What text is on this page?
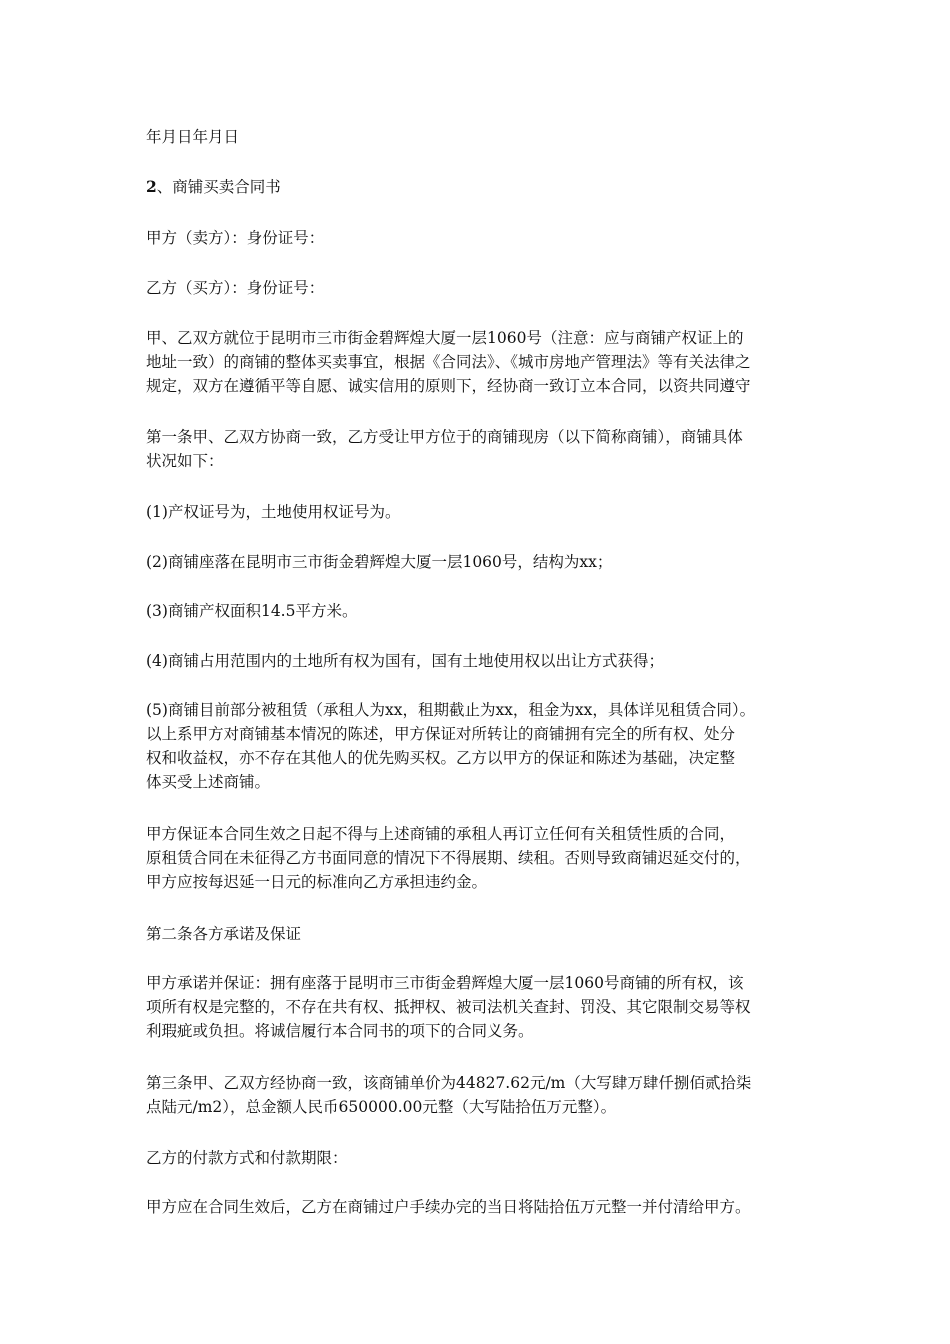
年月日年月日
2、商铺买卖合同书
甲方（卖方）：身份证号：
乙方（买方）：身份证号：
甲、乙双方就位于昆明市三市街金碧辉煌大厦一层1060号（注意：应与商铺产权证上的
地址一致）的商铺的整体买卖事宜，根据《合同法》、《城市房地产管理法》等有关法律之
规定，双方在遵循平等自愿、诚实信用的原则下，经协商一致订立本合同，以资共同遵守
第一条甲、乙双方协商一致，乙方受让甲方位于的商铺现房（以下简称商铺），商铺具体
状况如下：
(1)产权证号为，土地使用权证号为。
(2)商铺座落在昆明市三市街金碧辉煌大厦一层1060号，结构为xx；
(3)商铺产权面积14.5平方米。
(4)商铺占用范围内的土地所有权为国有，国有土地使用权以出让方式获得；
(5)商铺目前部分被租赁（承租人为xx，租期截止为xx，租金为xx，具体详见租赁合同）。
以上系甲方对商铺基本情况的陈述，甲方保证对所转让的商铺拥有完全的所有权、处分
权和收益权，亦不存在其他人的优先购买权。乙方以甲方的保证和陈述为基础，决定整
体买受上述商铺。
甲方保证本合同生效之日起不得与上述商铺的承租人再订立任何有关租赁性质的合同，
原租赁合同在未征得乙方书面同意的情况下不得展期、续租。否则导致商铺迟延交付的，
甲方应按每迟延一日元的标准向乙方承担违约金。
第二条各方承诺及保证
甲方承诺并保证：拥有座落于昆明市三市街金碧辉煌大厦一层1060号商铺的所有权，该
项所有权是完整的，不存在共有权、抵押权、被司法机关查封、罚没、其它限制交易等权
利瑕疵或负担。将诚信履行本合同书的项下的合同义务。
第三条甲、乙双方经协商一致，该商铺单价为44827.62元/m（大写肆万肆仟捌佰贰拾柒
点陆元/m2），总金额人民币650000.00元整（大写陆拾伍万元整）。
乙方的付款方式和付款期限：
甲方应在合同生效后，乙方在商铺过户手续办完的当日将陆拾伍万元整一并付清给甲方。
